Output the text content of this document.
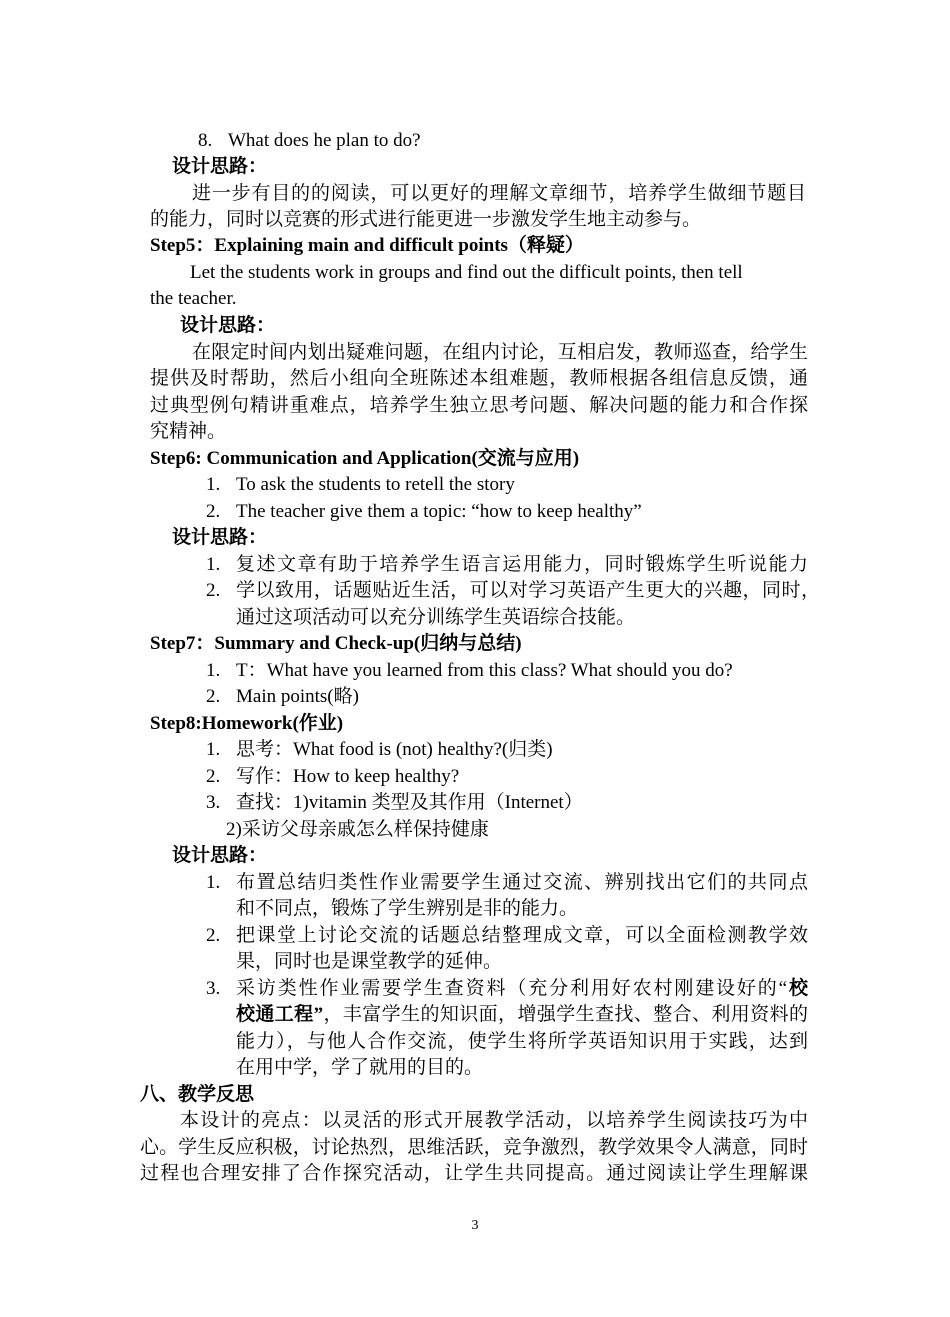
8. What does he plan to do?
设计思路：
进一步有目的的阅读，可以更好的理解文章细节，培养学生做细节题目
的能力，同时以竞赛的形式进行能更进一步激发学生地主动参与。
Step5：Explaining main and difficult points（释疑）
Let the students work in groups and find out the difficult points, then tell
the teacher.
设计思路：
在限定时间内划出疑难问题，在组内讨论，互相启发，教师巡查，给学生
提供及时帮助，然后小组向全班陈述本组难题，教师根据各组信息反馈，通
过典型例句精讲重难点，培养学生独立思考问题、解决问题的能力和合作探
究精神。
Step6: Communication and Application(交流与应用)
1. To ask the students to retell the story
2. The teacher give them a topic: “how to keep healthy”
设计思路：
1. 复述文章有助于培养学生语言运用能力，同时锻炼学生听说能力
2. 学以致用，话题贴近生活，可以对学习英语产生更大的兴趣，同时，
通过这项活动可以充分训练学生英语综合技能。
Step7：Summary and Check-up(归纳与总结)
1. T：What have you learned from this class? What should you do?
2. Main points(略)
Step8:Homework(作业)
1. 思考：What food is (not) healthy?(归类)
2. 写作：How to keep healthy?
3. 查找：1)vitamin 类型及其作用（Internet）
2)采访父母亲戚怎么样保持健康
设计思路：
1. 布置总结归类性作业需要学生通过交流、辨别找出它们的共同点
和不同点，锻炼了学生辨别是非的能力。
2. 把课堂上讨论交流的话题总结整理成文章，可以全面检测教学效
果，同时也是课堂教学的延伸。
3. 采访类性作业需要学生查资料（充分利用好农村刚建设好的“校
校通工程”，丰富学生的知识面，增强学生查找、整合、利用资料的
能力），与他人合作交流，使学生将所学英语知识用于实践，达到
在用中学，学了就用的目的。
八、教学反思
本设计的亮点：以灵活的形式开展教学活动，以培养学生阅读技巧为中
心。学生反应积极，讨论热烈，思维活跃，竞争激烈，教学效果令人满意，同时
过程也合理安排了合作探究活动，让学生共同提高。通过阅读让学生理解课
3
